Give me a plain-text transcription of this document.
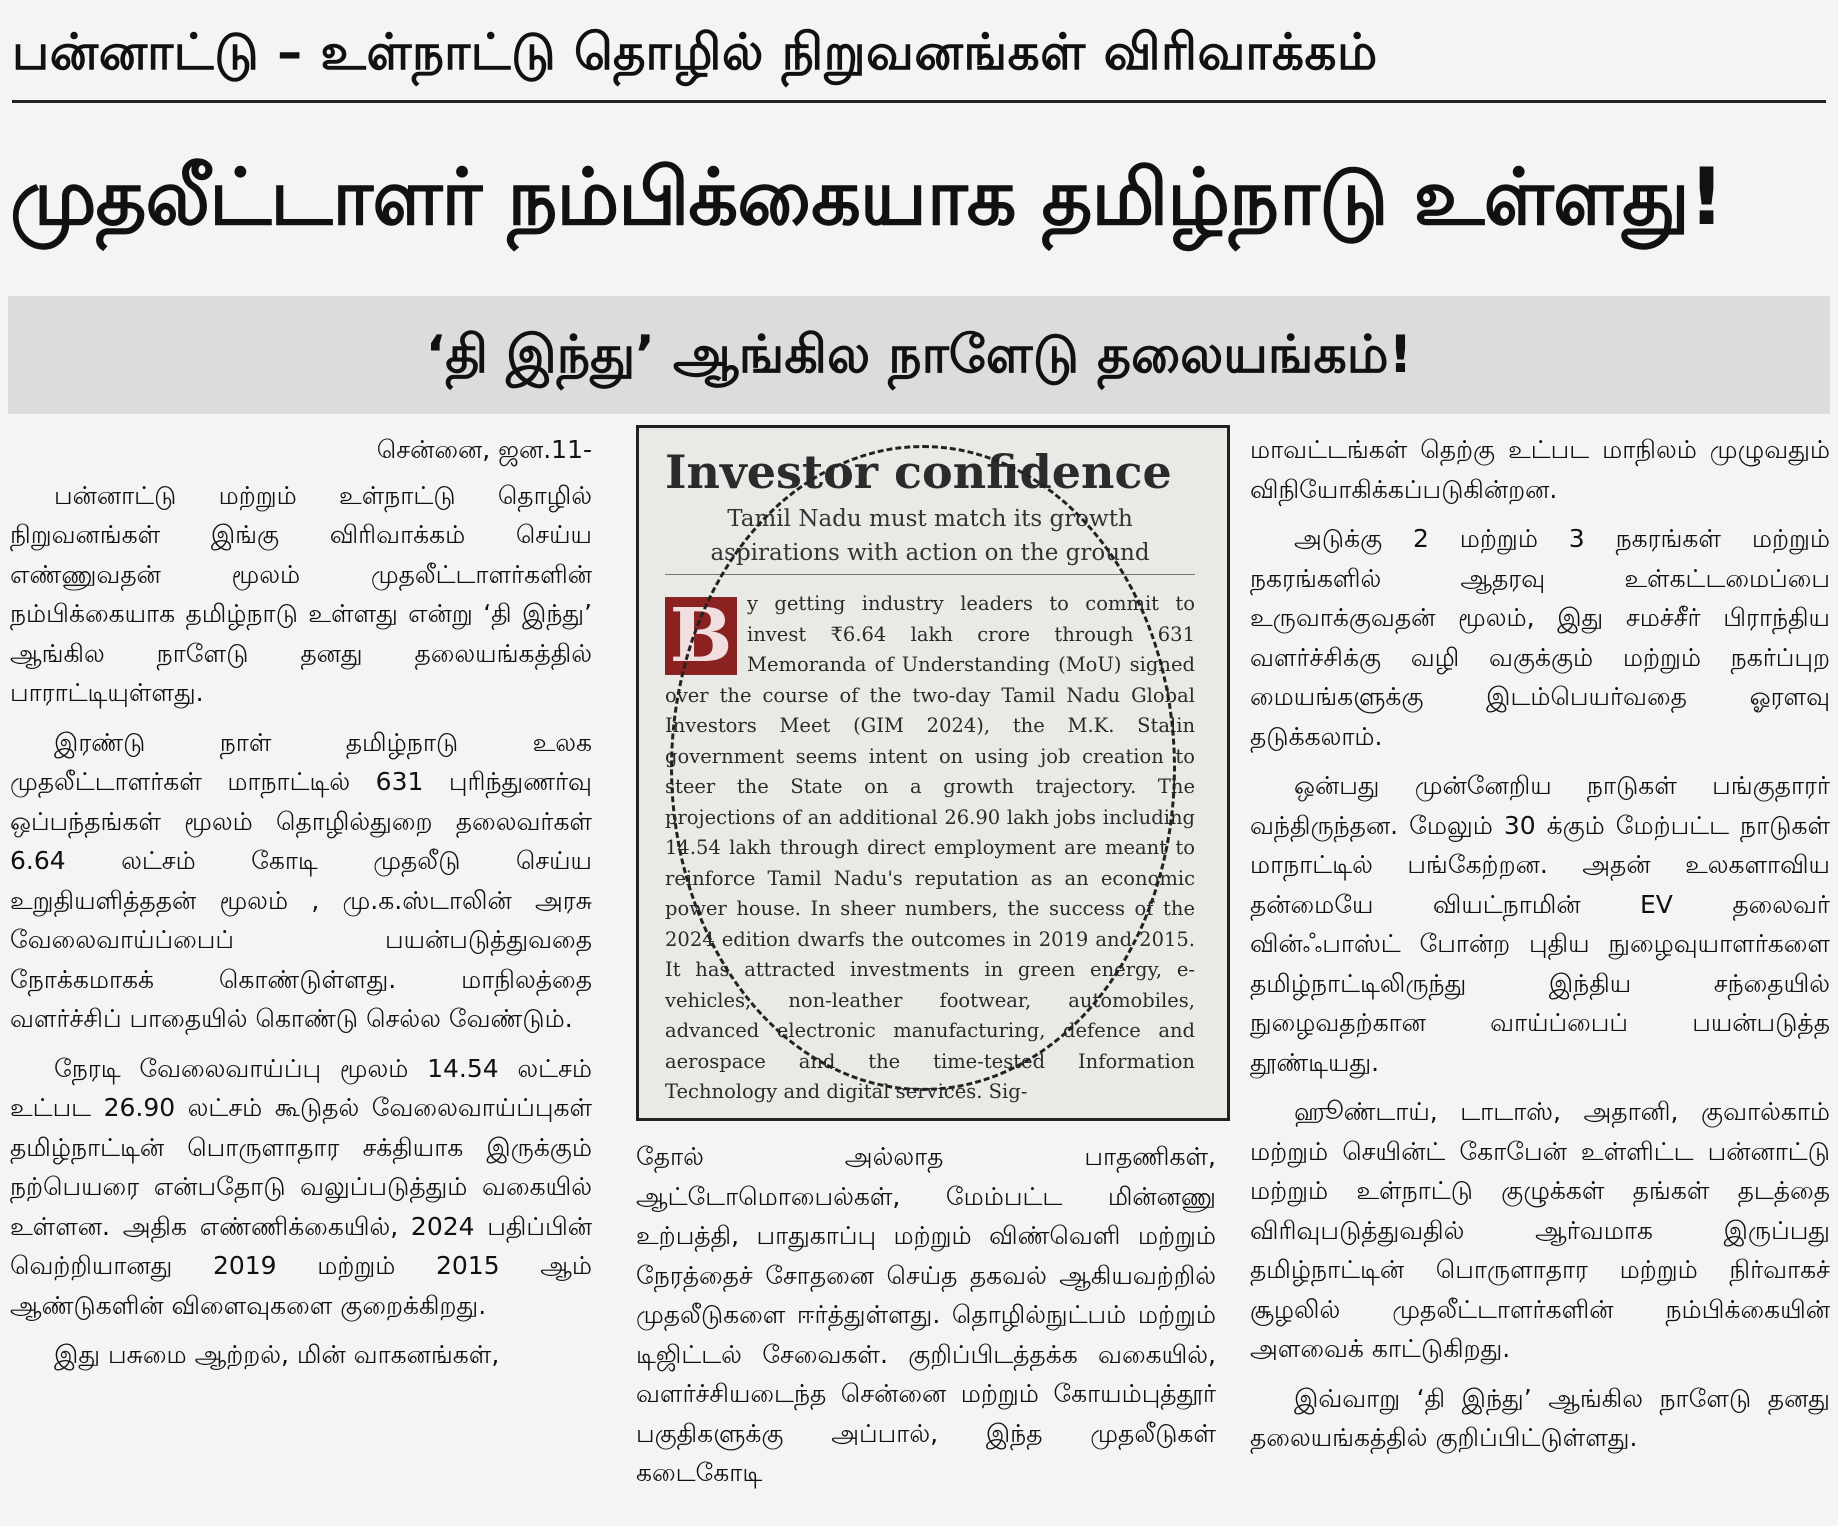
பன்னாட்டு – உள்நாட்டு தொழில் நிறுவனங்கள் விரிவாக்கம்
முதலீட்டாளர் நம்பிக்கையாக தமிழ்நாடு உள்ளது!
‘தி இந்து’ ஆங்கில நாளேடு தலையங்கம்!
சென்னை, ஜன.11-

பன்னாட்டு மற்றும் உள்நாட்டு தொழில் நிறுவனங்கள் இங்கு விரிவாக்கம் செய்ய எண்ணுவதன் மூலம் முதலீட்டாளர்களின் நம்பிக்கையாக தமிழ்நாடு உள்ளது என்று ‘தி இந்து’ ஆங்கில நாளேடு தனது தலையங்கத்தில் பாராட்டியுள்ளது.

இரண்டு நாள் தமிழ்நாடு உலக முதலீட்டாளர்கள் மாநாட்டில் 631 புரிந்துணர்வு ஒப்பந்தங்கள் மூலம் தொழில்துறை தலைவர்கள் 6.64 லட்சம் கோடி முதலீடு செய்ய உறுதியளித்ததன் மூலம் , மு.க.ஸ்டாலின் அரசு வேலைவாய்ப்பைப் பயன்படுத்துவதை நோக்கமாகக் கொண்டுள்ளது. மாநிலத்தை வளர்ச்சிப் பாதையில் கொண்டு செல்ல வேண்டும்.

நேரடி வேலைவாய்ப்பு மூலம் 14.54 லட்சம் உட்பட 26.90 லட்சம் கூடுதல் வேலைவாய்ப்புகள் தமிழ்நாட்டின் பொருளாதார சக்தியாக இருக்கும் நற்பெயரை என்பதோடு வலுப்படுத்தும் வகையில் உள்ளன. அதிக எண்ணிக்கையில், 2024 பதிப்பின் வெற்றியானது 2019 மற்றும் 2015 ஆம் ஆண்டுகளின் விளைவுகளை குறைக்கிறது.

இது பசுமை ஆற்றல், மின் வாகனங்கள்,

Investor confidence
Tamil Nadu must match its growth aspirations with action on the ground
B y getting industry leaders to commit to invest ₹6.64 lakh crore through 631 Memoranda of Understanding (MoU) signed over the course of the two-day Tamil Nadu Global Investors Meet (GIM 2024), the M.K. Stalin government seems intent on using job creation to steer the State on a growth trajectory. The projections of an additional 26.90 lakh jobs including 14.54 lakh through direct employment are meant to reinforce Tamil Nadu's reputation as an economic power house. In sheer numbers, the success of the 2024 edition dwarfs the outcomes in 2019 and 2015. It has attracted investments in green energy, e-vehicles, non-leather footwear, automobiles, advanced electronic manufacturing, defence and aerospace and the time-tested Information Technology and digital services. Sig-

தோல் அல்லாத பாதணிகள், ஆட்டோமொபைல்கள், மேம்பட்ட மின்னணு உற்பத்தி, பாதுகாப்பு மற்றும் விண்வெளி மற்றும் நேரத்தைச் சோதனை செய்த தகவல் ஆகியவற்றில் முதலீடுகளை ஈர்த்துள்ளது. தொழில்நுட்பம் மற்றும் டிஜிட்டல் சேவைகள். குறிப்பிடத்தக்க வகையில், வளர்ச்சியடைந்த சென்னை மற்றும் கோயம்புத்தூர் பகுதிகளுக்கு அப்பால், இந்த முதலீடுகள் கடைகோடி

மாவட்டங்கள் தெற்கு உட்பட மாநிலம் முழுவதும் விநியோகிக்கப்படுகின்றன.

அடுக்கு 2 மற்றும் 3 நகரங்கள் மற்றும் நகரங்களில் ஆதரவு உள்கட்டமைப்பை உருவாக்குவதன் மூலம், இது சமச்சீர் பிராந்திய வளர்ச்சிக்கு வழி வகுக்கும் மற்றும் நகர்ப்புற மையங்களுக்கு இடம்பெயர்வதை ஓரளவு தடுக்கலாம்.

ஒன்பது முன்னேறிய நாடுகள் பங்குதாரர் வந்திருந்தன. மேலும் 30 க்கும் மேற்பட்ட நாடுகள் மாநாட்டில் பங்கேற்றன. அதன் உலகளாவிய தன்மையே வியட்நாமின் EV தலைவர் வின்ஃபாஸ்ட் போன்ற புதிய நுழைவுயாளர்களை தமிழ்நாட்டிலிருந்து இந்திய சந்தையில் நுழைவதற்கான வாய்ப்பைப் பயன்படுத்த தூண்டியது.

ஹூண்டாய், டாடாஸ், அதானி, குவால்காம் மற்றும் செயின்ட் கோபேன் உள்ளிட்ட பன்னாட்டு மற்றும் உள்நாட்டு குழுக்கள் தங்கள் தடத்தை விரிவுபடுத்துவதில் ஆர்வமாக இருப்பது தமிழ்நாட்டின் பொருளாதார மற்றும் நிர்வாகச் சூழலில் முதலீட்டாளர்களின் நம்பிக்கையின் அளவைக் காட்டுகிறது.

இவ்வாறு ‘தி இந்து’ ஆங்கில நாளேடு தனது தலையங்கத்தில் குறிப்பிட்டுள்ளது.
